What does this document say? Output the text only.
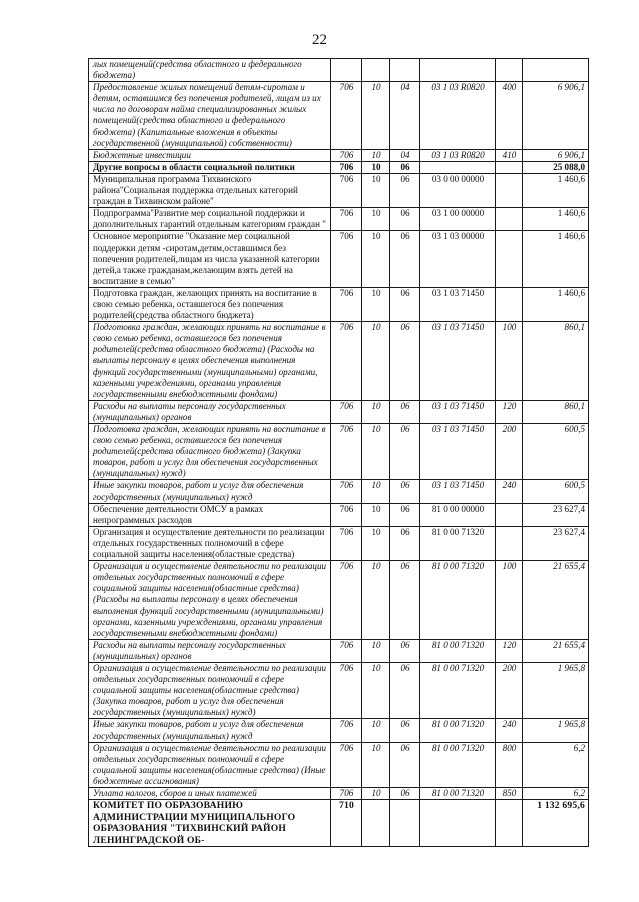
22
лых помещений(средства областного и федерального бюджета)						
Предоставление жилых помещений детям-сиротам и детям, оставшимся без попечения родителей, лицам из их числа по договорам найма специализированных жилых помещений(средства областного и федерального бюджета) (Капитальные вложения в объекты государственной (муниципальной) собственности)	706	10	04	03 1 03 R0820	400	6 906,1
Бюджетные инвестиции	706	10	04	03 1 03 R0820	410	6 906,1
Другие вопросы в области социальной политики	706	10	06			25 088,0
Муниципальная программа Тихвинского района"Социальная поддержка отдельных категорий граждан в Тихвинском районе"	706	10	06	03 0 00 00000		1 460,6
Подпрограмма"Развитие мер социальной поддержки и дополнительных гарантий отдельным категориям граждан "	706	10	06	03 1 00 00000		1 460,6
Основное мероприятие "Оказание мер социальной поддержки детям -сиротам,детям,оставшимся без попечения родителей,лицам из числа указанной категории детей,а также гражданам,желающим взять детей на воспитание в семью"	706	10	06	03 1 03 00000		1 460,6
Подготовка граждан, желающих принять на воспитание в свою семью ребенка, оставшегося без попечения родителей(средства областного бюджета)	706	10	06	03 1 03 71450		1 460,6
Подготовка граждан, желающих принять на воспитание в свою семью ребенка, оставшегося без попечения родителей(средства областного бюджета) (Расходы на выплаты персоналу в целях обеспечения выполнения функций государственными (муниципальными) органами, казенными учреждениями, органами управления государственными внебюджетными фондами)	706	10	06	03 1 03 71450	100	860,1
Расходы на выплаты персоналу государственных (муниципальных) органов	706	10	06	03 1 03 71450	120	860,1
Подготовка граждан, желающих принять на воспитание в свою семью ребенка, оставшегося без попечения родителей(средства областного бюджета) (Закупка товаров, работ и услуг для обеспечения государственных (муниципальных) нужд)	706	10	06	03 1 03 71450	200	600,5
Иные закупки товаров, работ и услуг для обеспечения государственных (муниципальных) нужд	706	10	06	03 1 03 71450	240	600,5
Обеспечение деятельности ОМСУ в рамках непрограммных расходов	706	10	06	81 0 00 00000		23 627,4
Организация и осуществление деятельности по реализации отдельных государственных полномочий в сфере социальной защиты населения(областные средства)	706	10	06	81 0 00 71320		23 627,4
Организация и осуществление деятельности по реализации отдельных государственных полномочий в сфере социальной защиты населения(областные средства) (Расходы на выплаты персоналу в целях обеспечения выполнения функций государственными (муниципальными) органами, казенными учреждениями, органами управления государственными внебюджетными фондами)	706	10	06	81 0 00 71320	100	21 655,4
Расходы на выплаты персоналу государственных (муниципальных) органов	706	10	06	81 0 00 71320	120	21 655,4
Организация и осуществление деятельности по реализации отдельных государственных полномочий в сфере социальной защиты населения(областные средства) (Закупка товаров, работ и услуг для обеспечения государственных (муниципальных) нужд)	706	10	06	81 0 00 71320	200	1 965,8
Иные закупки товаров, работ и услуг для обеспечения государственных (муниципальных) нужд	706	10	06	81 0 00 71320	240	1 965,8
Организация и осуществление деятельности по реализации отдельных государственных полномочий в сфере социальной защиты населения(областные средства) (Иные бюджетные ассигнования)	706	10	06	81 0 00 71320	800	6,2
Уплата налогов, сборов и иных платежей	706	10	06	81 0 00 71320	850	6,2
КОМИТЕТ ПО ОБРАЗОВАНИЮ АДМИНИСТРАЦИИ МУНИЦИПАЛЬНОГО ОБРАЗОВАНИЯ "ТИХВИНСКИЙ РАЙОН ЛЕНИНГРАДСКОЙ ОБ-	710					1 132 695,6
